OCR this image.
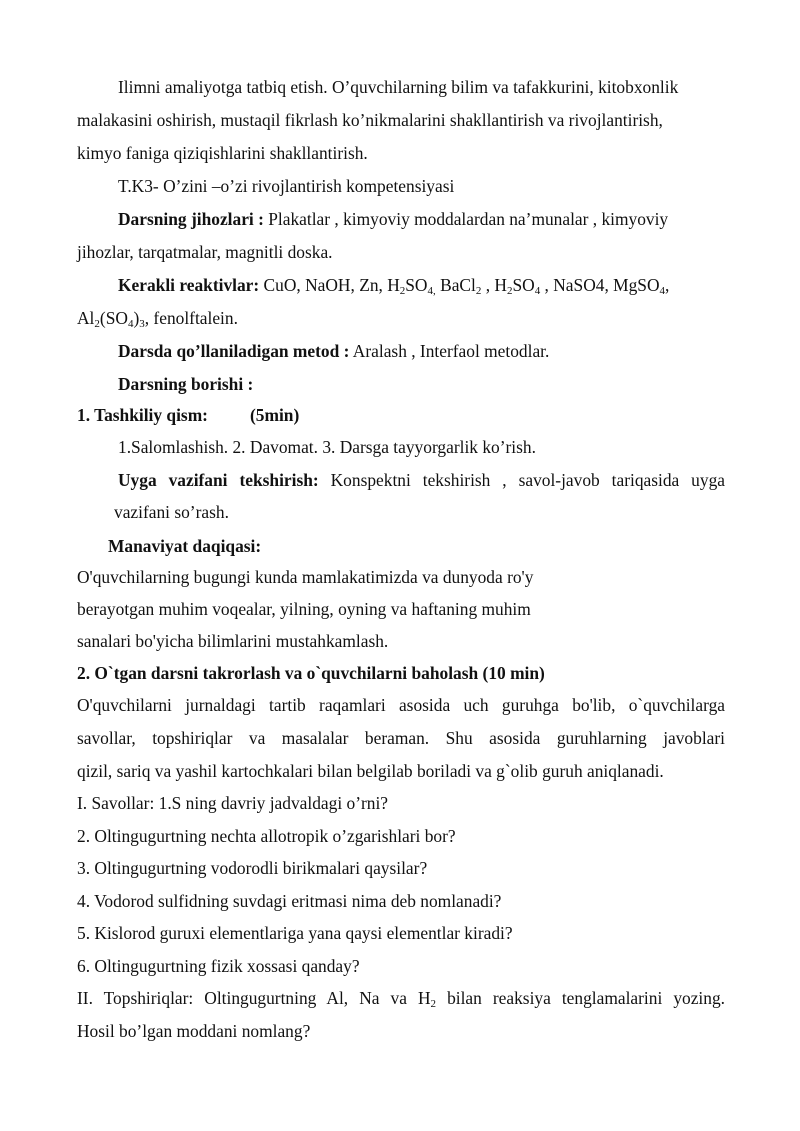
Ilimni amaliyotga tatbiq etish. O’quvchilarning bilim va tafakkurini, kitobxonlik
malakasini oshirish, mustaqil fikrlash ko’nikmalarini shakllantirish va rivojlantirish,
kimyo faniga qiziqishlarini shakllantirish.
T.K3- O’zini –o’zi rivojlantirish kompetensiyasi
Darsning jihozlari : Plakatlar , kimyoviy moddalardan na’munalar , kimyoviy
jihozlar, tarqatmalar, magnitli doska.
Kerakli reaktivlar: CuO, NaOH, Zn, $H_2SO_{4,}$ BaCl$_2$ , $H_2SO_4$ , NaSO4, MgSO$_4$,
$Al_2(SO_4)_3$, fenolftalein.
Darsda qo’llaniladigan metod : Aralash , Interfaol metodlar.
Darsning borishi :
1. Tashkiliy qism: (5min)
1.Salomlashish. 2. Davomat. 3. Darsga tayyorgarlik ko’rish.
Uyga vazifani tekshirish: Konspektni tekshirish , savol-javob tariqasida uyga
vazifani so’rash.
Manaviyat daqiqasi:
O'quvchilarning bugungi kunda mamlakatimizda va dunyoda ro'y
berayotgan muhim voqealar, yilning, oyning va haftaning muhim
sanalari bo'yicha bilimlarini mustahkamlash.
2. O`tgan darsni takrorlash va o`quvchilarni baholash (10 min)
O'quvchilarni jurnaldagi tartib raqamlari asosida uch guruhga bo'lib, o`quvchilarga
savollar, topshiriqlar va masalalar beraman. Shu asosida guruhlarning javoblari
qizil, sariq va yashil kartochkalari bilan belgilab boriladi va g`olib guruh aniqlanadi.
I. Savollar: 1.S ning davriy jadvaldagi o’rni?
2. Oltingugurtning nechta allotropik o’zgarishlari bor?
3. Oltingugurtning vodorodli birikmalari qaysilar?
4. Vodorod sulfidning suvdagi eritmasi nima deb nomlanadi?
5. Kislorod guruxi elementlariga yana qaysi elementlar kiradi?
6. Oltingugurtning fizik xossasi qanday?
II. Topshiriqlar: Oltingugurtning Al, Na va $H_2$ bilan reaksiya tenglamalarini yozing.
Hosil bo’lgan moddani nomlang?
